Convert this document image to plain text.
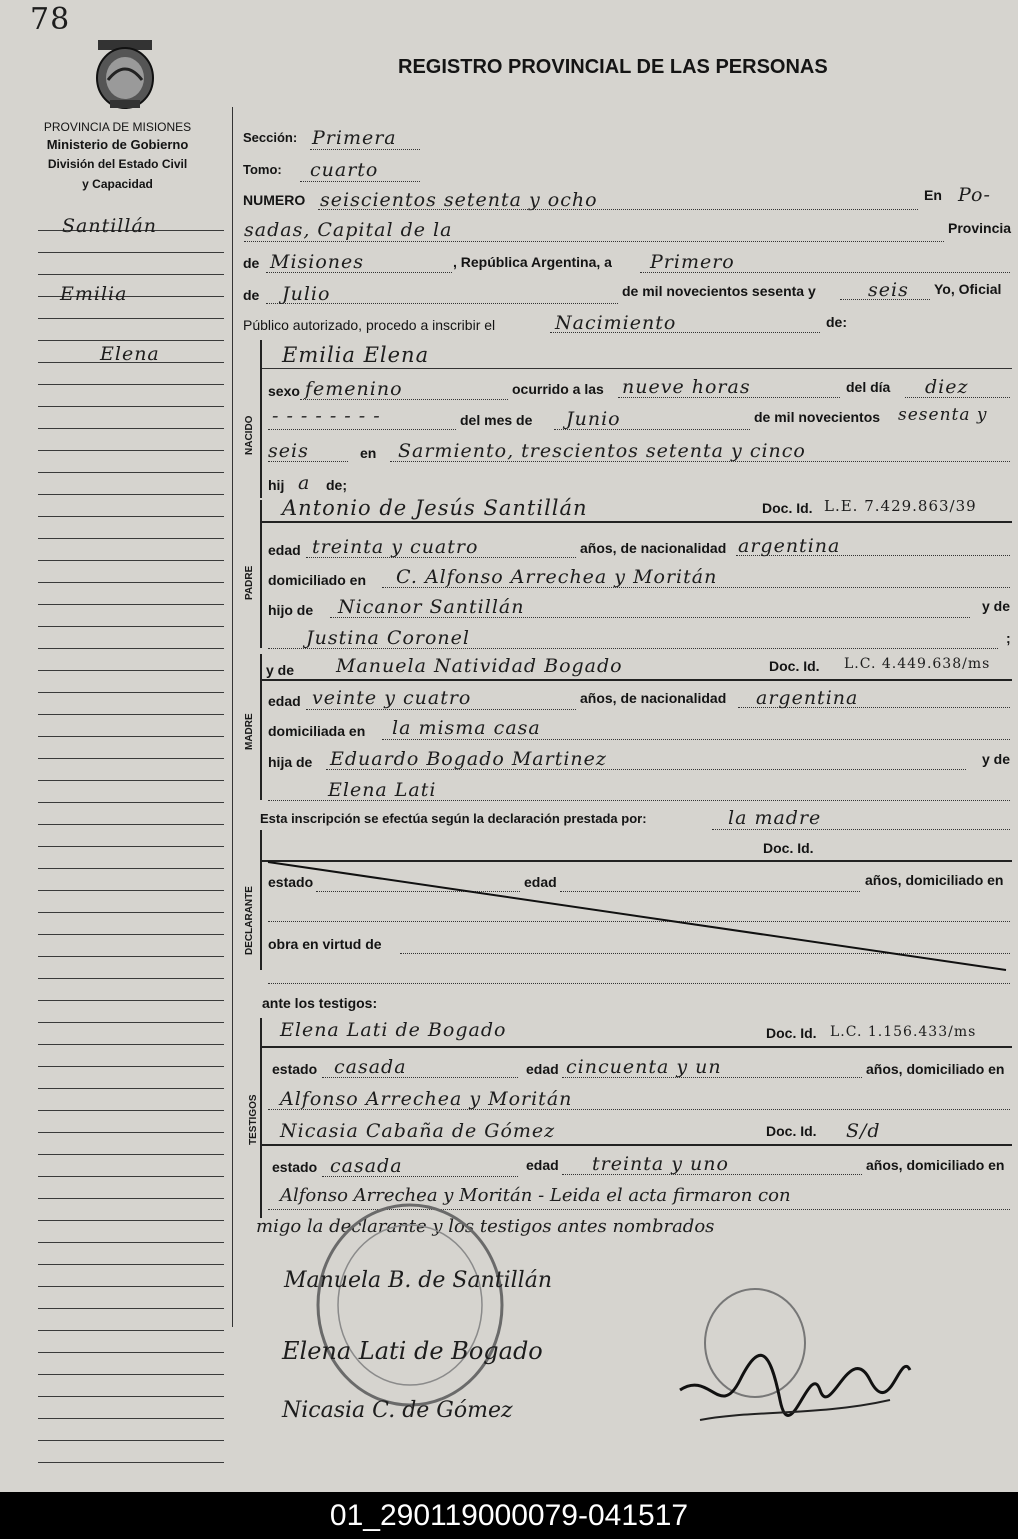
78
PROVINCIA DE MISIONES
Ministerio de Gobierno
División del Estado Civil
y Capacidad
REGISTRO PROVINCIAL DE LAS PERSONAS
Santillán
Emilia
Elena
Sección: Primera
Tomo: cuarto
NUMERO seiscientos setenta y ocho	En Po-
sadas, Capital de la	Provincia
de Misiones	, República Argentina, a Primero
de Julio	de mil novecientos sesenta y	seis Yo, Oficial
Público autorizado, procedo a inscribir el	Nacimiento	de:
NACIDO
Emilia Elena
sexo femenino	ocurrido a las nueve horas	del día diez
- - - - - - - -	del mes de Junio	de mil novecientos sesenta y
seis	en Sarmiento, trescientos setenta y cinco
hij a de;
PADRE
Antonio de Jesús Santillán	Doc. Id. L.E. 7.429.863/39
edad treinta y cuatro	años, de nacionalidad argentina
domiciliado en C. Alfonso Arrechea y Moritán
hijo de Nicanor Santillán	y de
Justina Coronel	;
MADRE
y de Manuela Natividad Bogado	Doc. Id. L.C. 4.449.638/ms
edad veinte y cuatro	años, de nacionalidad argentina
domiciliada en la misma casa
hija de Eduardo Bogado Martinez	y de
Elena Lati
Esta inscripción se efectúa según la declaración prestada por:	la madre
DECLARANTE
Doc. Id.
estado	edad	años, domiciliado en
obra en virtud de
ante los testigos:
TESTIGOS
Elena Lati de Bogado	Doc. Id. L.C. 1.156.433/ms
estado casada	edad cincuenta y un	años, domiciliado en
Alfonso Arrechea y Moritán
Nicasia Cabaña de Gómez	Doc. Id. S/d
estado casada	edad treinta y uno	años, domiciliado en
Alfonso Arrechea y Moritán - Leida el acta firmaron con
migo la declarante y los testigos antes nombrados
Manuela B. de Santillán
Elena Lati de Bogado
Nicasia C. de Gómez
01_290119000079-041517
